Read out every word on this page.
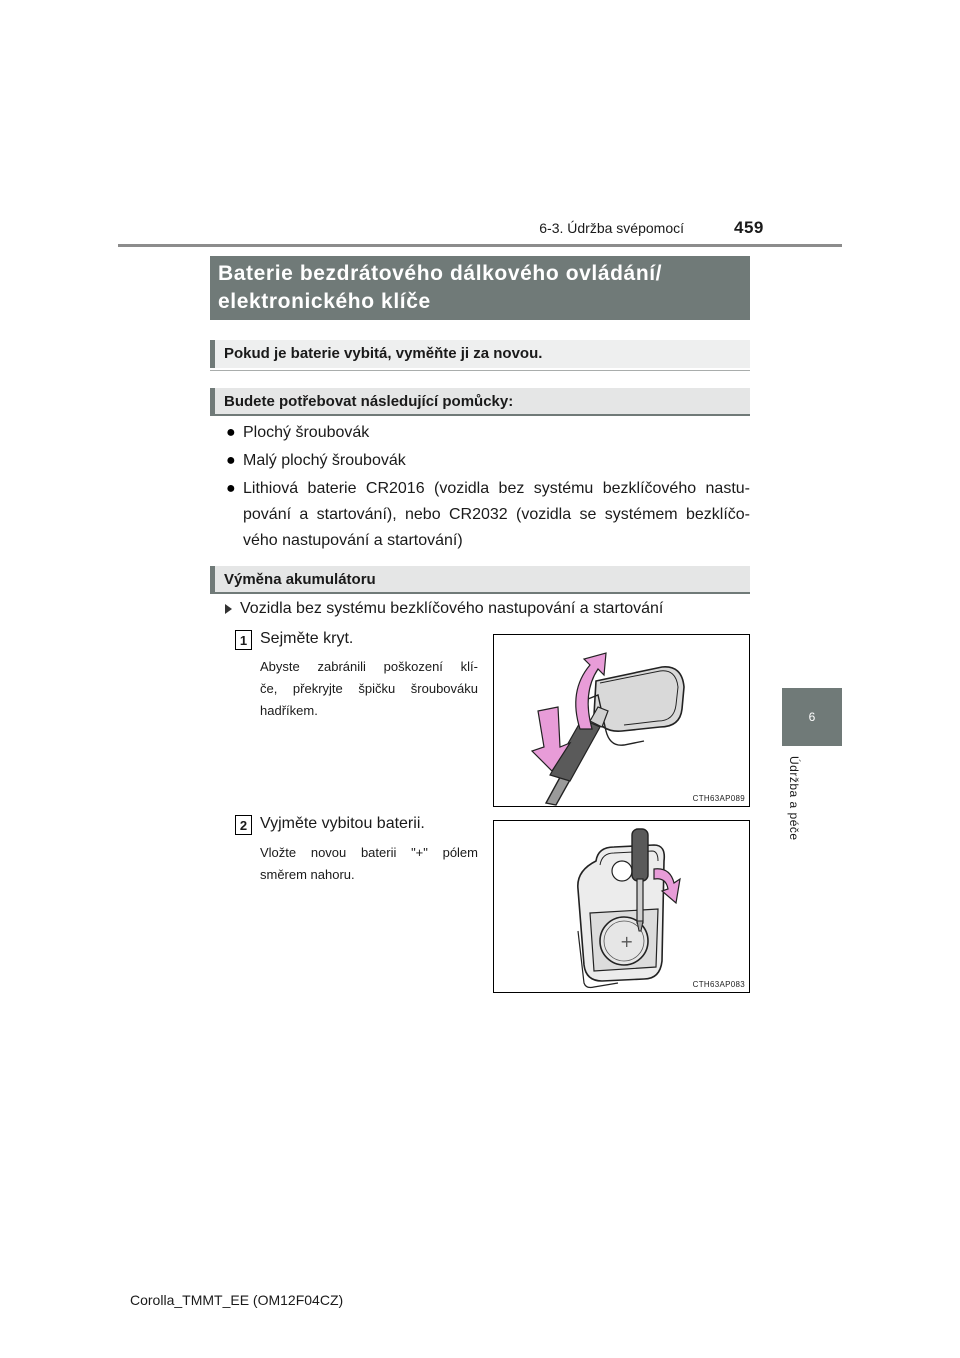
6-3. Údržba svépomocí	459
6
Údržba a péče
Baterie bezdrátového dálkového ovládání/
elektronického klíče
Pokud je baterie vybitá, vyměňte ji za novou.
Budete potřebovat následující pomůcky:
● Plochý šroubovák
● Malý plochý šroubovák
● Lithiová baterie CR2016 (vozidla bez systému bezklíčového nastu-
pování a startování), nebo CR2032 (vozidla se systémem bezklíčo-
vého nastupování a startování)
Výměna akumulátoru
Vozidla bez systému bezklíčového nastupování a startování
1 Sejměte kryt.
Abyste zabránili poškození klí-
če, překryjte špičku šroubováku
hadříkem.
CTH63AP089
2 Vyjměte vybitou baterii.
Vložte novou baterii "+" pólem
směrem nahoru.
+
CTH63AP083
Corolla_TMMT_EE (OM12F04CZ)
